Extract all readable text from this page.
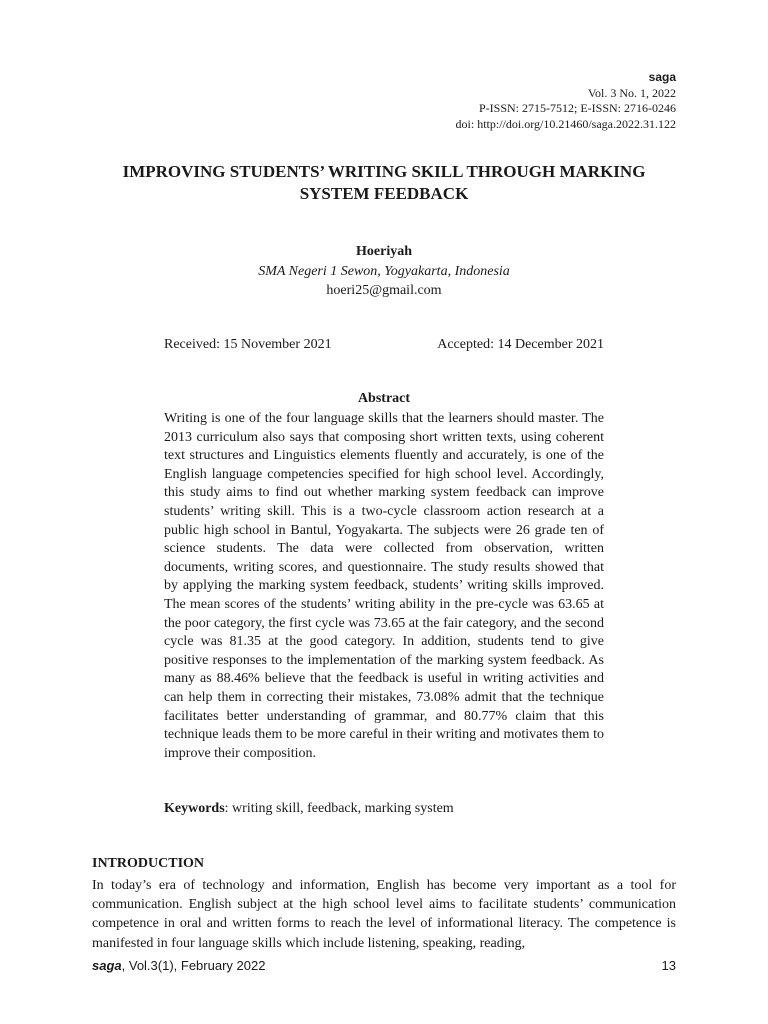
saga
Vol. 3 No. 1, 2022
P-ISSN: 2715-7512; E-ISSN: 2716-0246
doi: http://doi.org/10.21460/saga.2022.31.122
IMPROVING STUDENTS’ WRITING SKILL THROUGH MARKING
SYSTEM FEEDBACK
Hoeriyah
SMA Negeri 1 Sewon, Yogyakarta, Indonesia
hoeri25@gmail.com
Received: 15 November 2021	Accepted: 14 December 2021
Abstract

Writing is one of the four language skills that the learners should master. The 2013 curriculum also says that composing short written texts, using coherent text structures and Linguistics elements fluently and accurately, is one of the English language competencies specified for high school level. Accordingly, this study aims to find out whether marking system feedback can improve students’ writing skill. This is a two-cycle classroom action research at a public high school in Bantul, Yogyakarta. The subjects were 26 grade ten of science students. The data were collected from observation, written documents, writing scores, and questionnaire. The study results showed that by applying the marking system feedback, students’ writing skills improved. The mean scores of the students’ writing ability in the pre-cycle was 63.65 at the poor category, the first cycle was 73.65 at the fair category, and the second cycle was 81.35 at the good category. In addition, students tend to give positive responses to the implementation of the marking system feedback. As many as 88.46% believe that the feedback is useful in writing activities and can help them in correcting their mistakes, 73.08% admit that the technique facilitates better understanding of grammar, and 80.77% claim that this technique leads them to be more careful in their writing and motivates them to improve their composition.

Keywords: writing skill, feedback, marking system
INTRODUCTION

In today’s era of technology and information, English has become very important as a tool for communication. English subject at the high school level aims to facilitate students’ communication competence in oral and written forms to reach the level of informational literacy. The competence is manifested in four language skills which include listening, speaking, reading,

saga, Vol.3(1), February 2022	13
